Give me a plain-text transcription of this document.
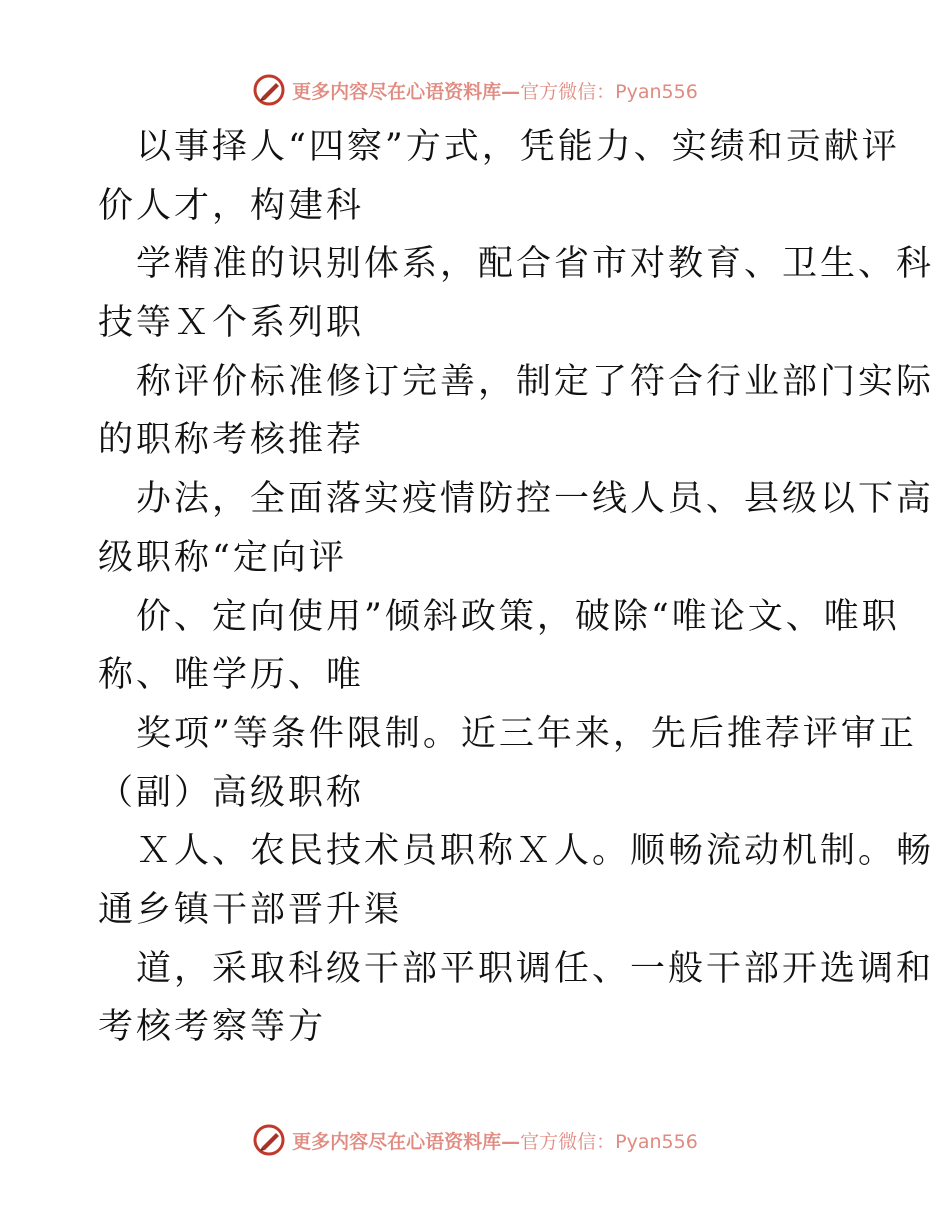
更多内容尽在心语资料库— 官方微信：Pyan556
以事择人“四察”方式，凭能力、实绩和贡献评
价人才，构建科
学精准的识别体系，配合省市对教育、卫生、科
技等Ｘ个系列职
称评价标准修订完善，制定了符合行业部门实际
的职称考核推荐
办法，全面落实疫情防控一线人员、县级以下高
级职称“定向评
价、定向使用”倾斜政策，破除“唯论文、唯职
称、唯学历、唯
奖项”等条件限制。近三年来，先后推荐评审正
（副）高级职称
Ｘ人、农民技术员职称Ｘ人。顺畅流动机制。畅
通乡镇干部晋升渠
道，采取科级干部平职调任、一般干部开选调和
考核考察等方
更多内容尽在心语资料库— 官方微信：Pyan556
